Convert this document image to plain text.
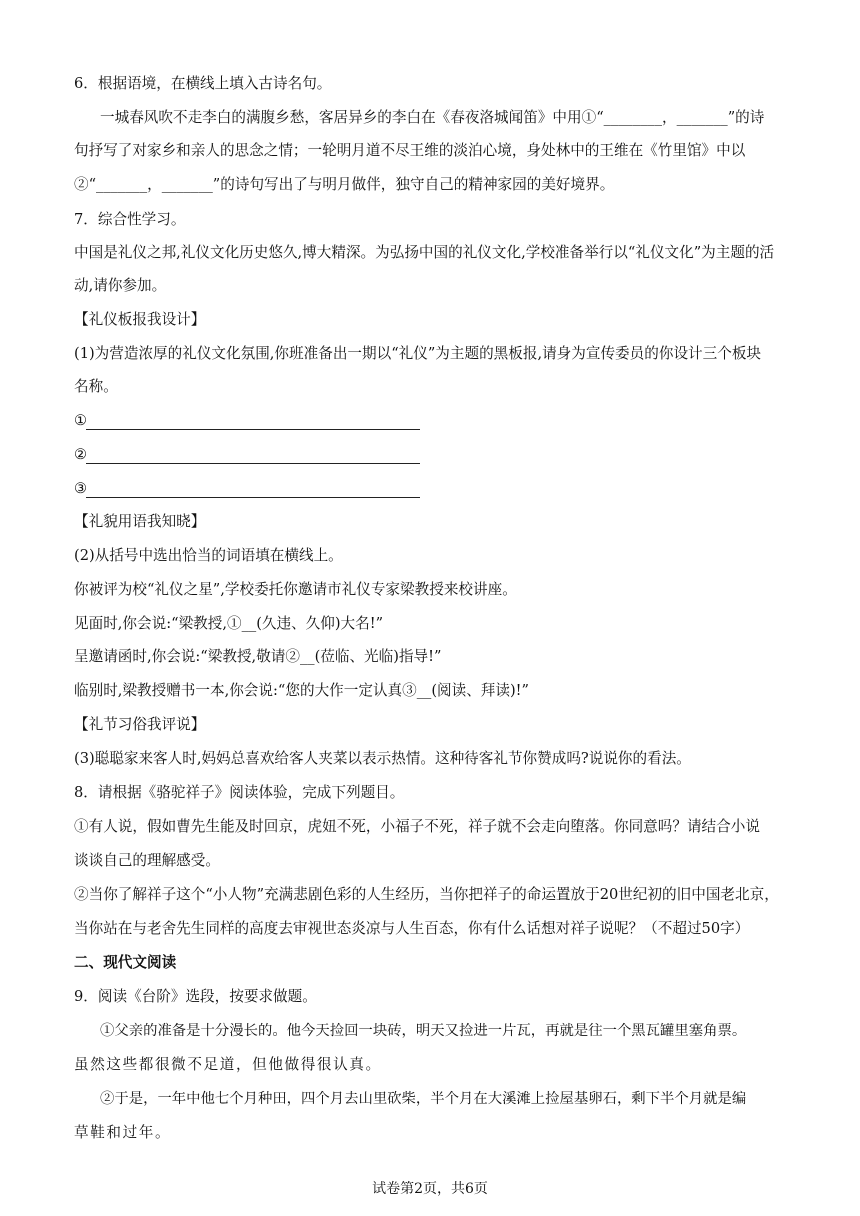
6．根据语境，在横线上填入古诗名句。
一城春风吹不走李白的满腹乡愁，客居异乡的李白在《春夜洛城闻笛》中用①“________，_______”的诗
句抒写了对家乡和亲人的思念之情；一轮明月道不尽王维的淡泊心境，身处林中的王维在《竹里馆》中以
②“_______，_______”的诗句写出了与明月做伴，独守自己的精神家园的美好境界。
7．综合性学习。
中国是礼仪之邦,礼仪文化历史悠久,博大精深。为弘扬中国的礼仪文化,学校准备举行以“礼仪文化”为主题的活
动,请你参加。
【礼仪板报我设计】
(1)为营造浓厚的礼仪文化氛围,你班准备出一期以“礼仪”为主题的黑板报,请身为宣传委员的你设计三个板块
名称。
①
②
③
【礼貌用语我知晓】
(2)从括号中选出恰当的词语填在横线上。
你被评为校“礼仪之星”,学校委托你邀请市礼仪专家梁教授来校讲座。
见面时,你会说:“梁教授,①__(久违、久仰)大名!”
呈邀请函时,你会说:“梁教授,敬请②__(莅临、光临)指导!”
临别时,梁教授赠书一本,你会说:“您的大作一定认真③__(阅读、拜读)!”
【礼节习俗我评说】
(3)聪聪家来客人时,妈妈总喜欢给客人夹菜以表示热情。这种待客礼节你赞成吗?说说你的看法。
8．请根据《骆驼祥子》阅读体验，完成下列题目。
①有人说，假如曹先生能及时回京，虎妞不死，小福子不死，祥子就不会走向堕落。你同意吗？请结合小说
谈谈自己的理解感受。
②当你了解祥子这个“小人物”充满悲剧色彩的人生经历，当你把祥子的命运置放于20世纪初的旧中国老北京，
当你站在与老舍先生同样的高度去审视世态炎凉与人生百态，你有什么话想对祥子说呢？（不超过50字）
二、现代文阅读
9．阅读《台阶》选段，按要求做题。
①父亲的准备是十分漫长的。他今天捡回一块砖，明天又捡进一片瓦，再就是往一个黑瓦罐里塞角票。
虽然这些都很微不足道，但他做得很认真。
②于是，一年中他七个月种田，四个月去山里砍柴，半个月在大溪滩上捡屋基卵石，剩下半个月就是编
草鞋和过年。
试卷第2页，共6页
